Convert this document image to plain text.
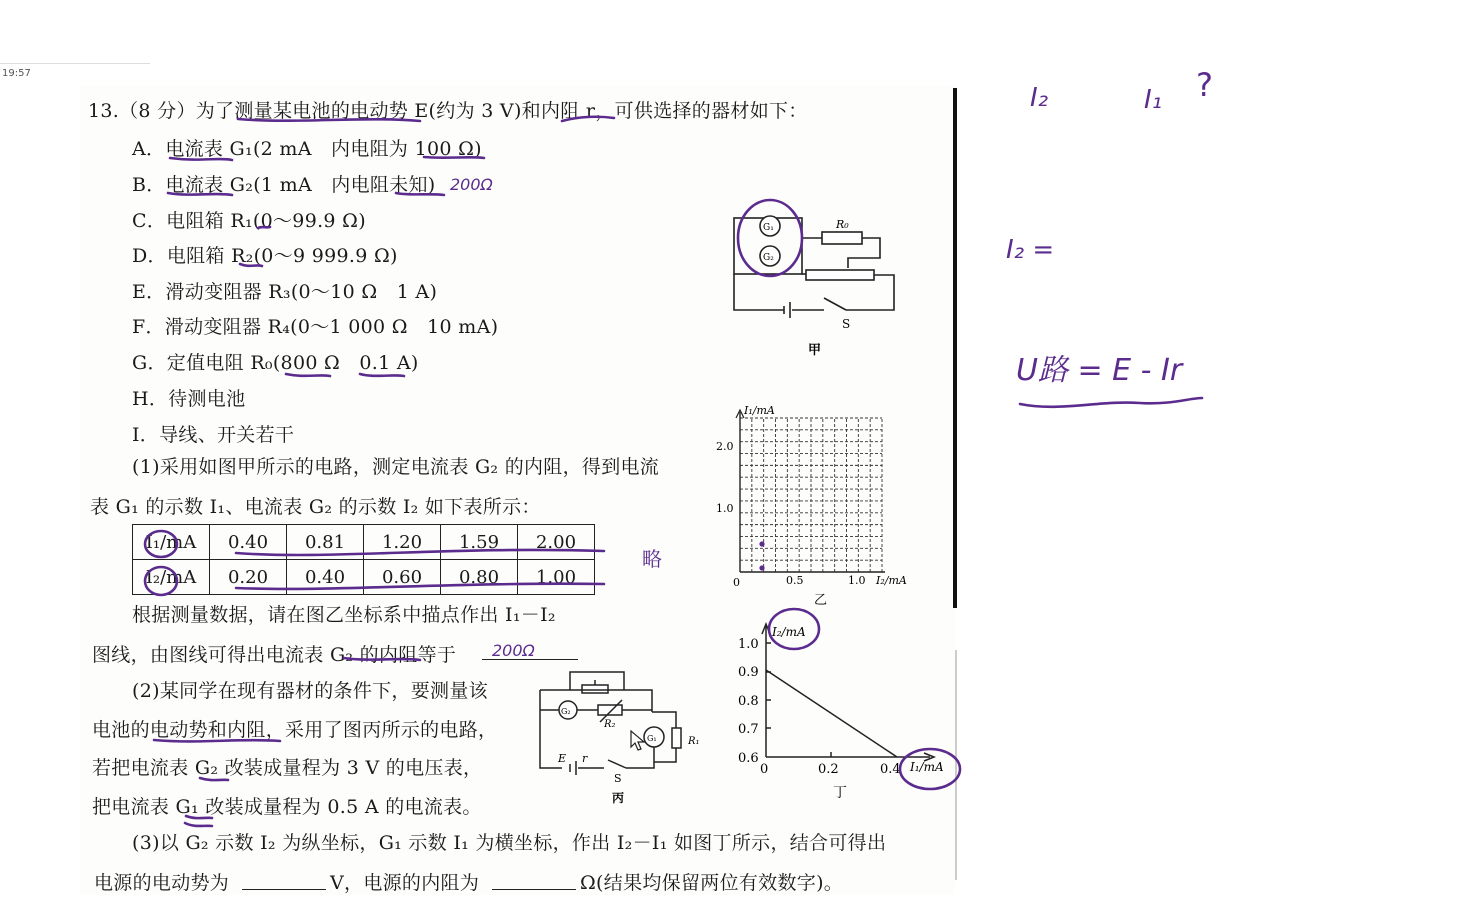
19:57
13.（8 分）为了测量某电池的电动势 E(约为 3 V)和内阻 r，可供选择的器材如下：
A．电流表 G₁(2 mA　内电阻为 100 Ω)
B．电流表 G₂(1 mA　内电阻未知)
C．电阻箱 R₁(0～99.9 Ω)
D．电阻箱 R₂(0～9 999.9 Ω)
E．滑动变阻器 R₃(0～10 Ω　1 A)
F．滑动变阻器 R₄(0～1 000 Ω　10 mA)
G．定值电阻 R₀(800 Ω　0.1 A)
H．待测电池
I．导线、开关若干
(1)采用如图甲所示的电路，测定电流表 G₂ 的内阻，得到电流
表 G₁ 的示数 I₁、电流表 G₂ 的示数 I₂ 如下表所示：
I₁/mA	0.40	0.81	1.20	1.59	2.00
I₂/mA	0.20	0.40	0.60	0.80	1.00
根据测量数据，请在图乙坐标系中描点作出 I₁－I₂
图线，由图线可得出电流表 G₂ 的内阻等于
(2)某同学在现有器材的条件下，要测量该
电池的电动势和内阻，采用了图丙所示的电路，
若把电流表 G₂ 改装成量程为 3 V 的电压表，
把电流表 G₁ 改装成量程为 0.5 A 的电流表。
(3)以 G₂ 示数 I₂ 为纵坐标，G₁ 示数 I₁ 为横坐标，作出 I₂－I₁ 如图丁所示，结合可得出
电源的电动势为	V，电源的内阻为	Ω(结果均保留两位有效数字)。
G₁
G₂
R₀
S
甲
I₁/mA
I₂/mA
2.0
1.0
0	0.5	1.0
乙
G₂
G₁
R₂
R₁
E r
S
丙
1.0
0.9
0.8
0.7
0.6
0	0.2	0.4
I₂/mA
I₁/mA
丁
200Ω
200Ω
略
I₂	I₁ ?
I₂ =
U路 = E - Ir
